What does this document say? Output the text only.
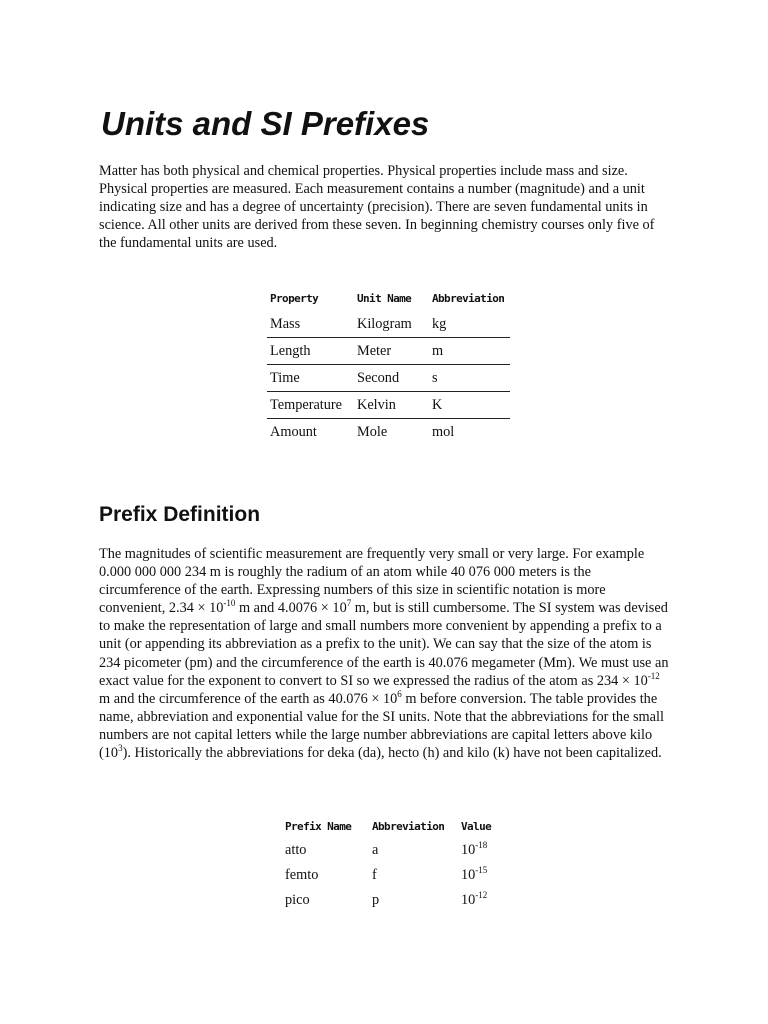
Units and SI Prefixes

Matter has both physical and chemical properties. Physical properties include mass and size. Physical properties are measured. Each measurement contains a number (magnitude) and a unit indicating size and has a degree of uncertainty (precision). There are seven fundamental units in science. All other units are derived from these seven. In beginning chemistry courses only five of the fundamental units are used.

Property	Unit Name	Abbreviation
Mass	Kilogram	kg
Length	Meter	m
Time	Second	s
Temperature	Kelvin	K
Amount	Mole	mol

Prefix Definition

The magnitudes of scientific measurement are frequently very small or very large. For example 0.000 000 000 234 m is roughly the radium of an atom while 40 076 000 meters is the circumference of the earth. Expressing numbers of this size in scientific notation is more convenient, $2.34 \times 10^{-10}$ m and $4.0076 \times 10^7$ m, but is still cumbersome. The SI system was devised to make the representation of large and small numbers more convenient by appending a prefix to a unit (or appending its abbreviation as a prefix to the unit). We can say that the size of the atom is 234 picometer (pm) and the circumference of the earth is 40.076 megameter (Mm). We must use an exact value for the exponent to convert to SI so we expressed the radius of the atom as $234 \times 10^{-12}$ m and the circumference of the earth as $40.076 \times 10^6$ m before conversion. The table provides the name, abbreviation and exponential value for the SI units. Note that the abbreviations for the small numbers are not capital letters while the large number abbreviations are capital letters above kilo $(10^3)$. Historically the abbreviations for deka (da), hecto (h) and kilo (k) have not been capitalized.

Prefix Name	Abbreviation	Value
atto	a	$10^{-18}$
femto	f	$10^{-15}$
pico	p	$10^{-12}$
